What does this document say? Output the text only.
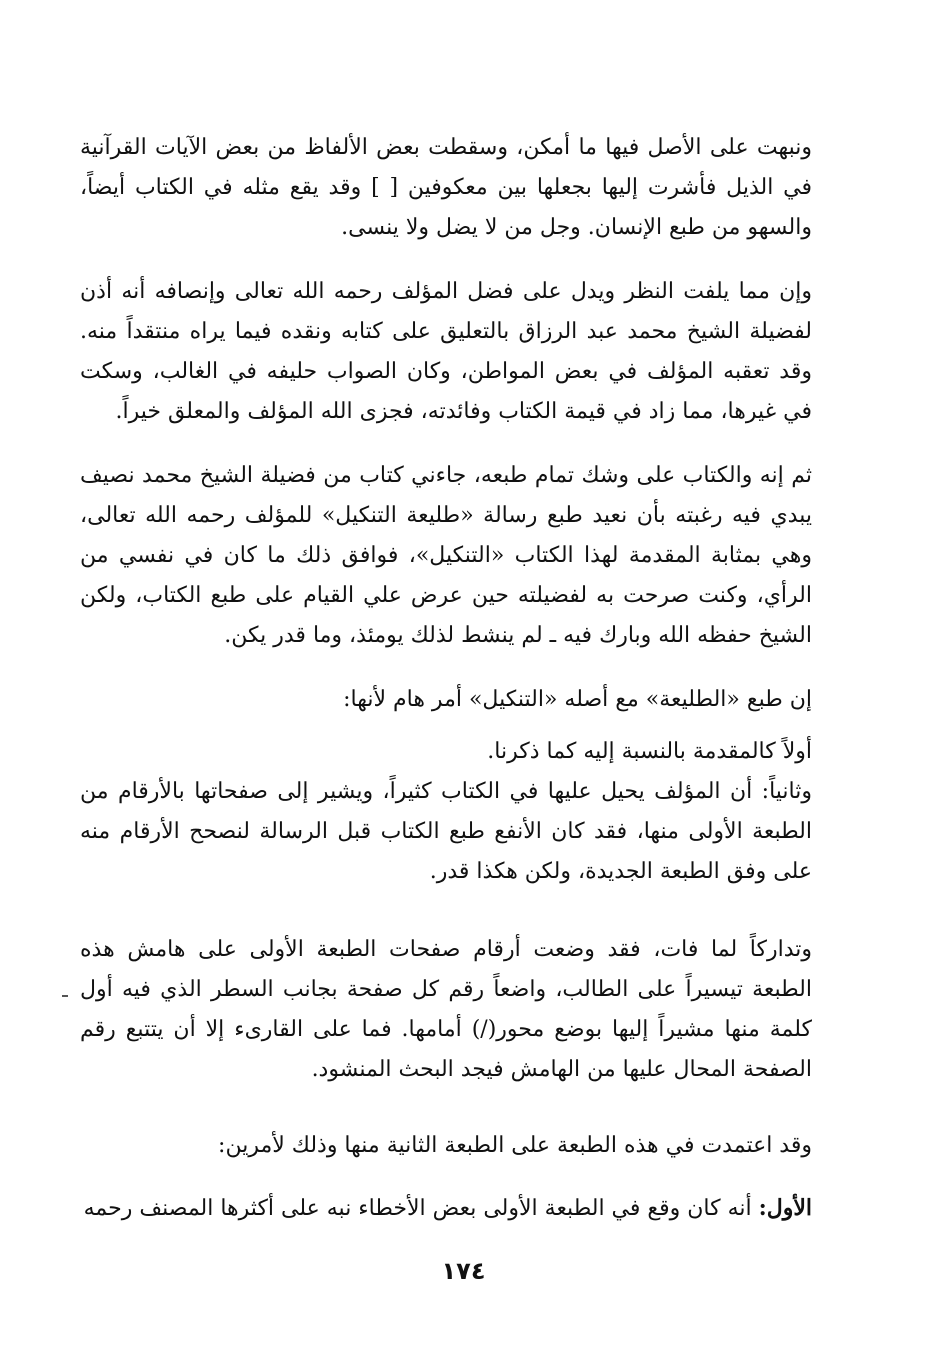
ونبهت على الأصل فيها ما أمكن، وسقطت بعض الألفاظ من بعض الآيات القرآنية في الذيل فأشرت إليها بجعلها بين معكوفين [ ] وقد يقع مثله في الكتاب أيضاً، والسهو من طبع الإنسان. وجل من لا يضل ولا ينسى.

وإن مما يلفت النظر ويدل على فضل المؤلف رحمه الله تعالى وإنصافه أنه أذن لفضيلة الشيخ محمد عبد الرزاق بالتعليق على كتابه ونقده فيما يراه منتقداً منه. وقد تعقبه المؤلف في بعض المواطن، وكان الصواب حليفه في الغالب، وسكت في غيرها، مما زاد في قيمة الكتاب وفائدته، فجزى الله المؤلف والمعلق خيراً.

ثم إنه والكتاب على وشك تمام طبعه، جاءني كتاب من فضيلة الشيخ محمد نصيف يبدي فيه رغبته بأن نعيد طبع رسالة «طليعة التنكيل» للمؤلف رحمه الله تعالى، وهي بمثابة المقدمة لهذا الكتاب «التنكيل»، فوافق ذلك ما كان في نفسي من الرأي، وكنت صرحت به لفضيلته حين عرض علي القيام على طبع الكتاب، ولكن الشيخ حفظه الله وبارك فيه ـ لم ينشط لذلك يومئذ، وما قدر يكن.

إن طبع «الطليعة» مع أصله «التنكيل» أمر هام لأنها:

أولاً كالمقدمة بالنسبة إليه كما ذكرنا.

وثانياً: أن المؤلف يحيل عليها في الكتاب كثيراً، ويشير إلى صفحاتها بالأرقام من الطبعة الأولى منها، فقد كان الأنفع طبع الكتاب قبل الرسالة لنصحح الأرقام منه على وفق الطبعة الجديدة، ولكن هكذا قدر.

وتداركاً لما فات، فقد وضعت أرقام صفحات الطبعة الأولى على هامش هذه الطبعة تيسيراً على الطالب، واضعاً رقم كل صفحة بجانب السطر الذي فيه أول كلمة منها مشيراً إليها بوضع محور(/) أمامها. فما على القارىء إلا أن يتتبع رقم الصفحة المحال عليها من الهامش فيجد البحث المنشود.

وقد اعتمدت في هذه الطبعة على الطبعة الثانية منها وذلك لأمرين:

الأول: أنه كان وقع في الطبعة الأولى بعض الأخطاء نبه على أكثرها المصنف رحمه

١٧٤
